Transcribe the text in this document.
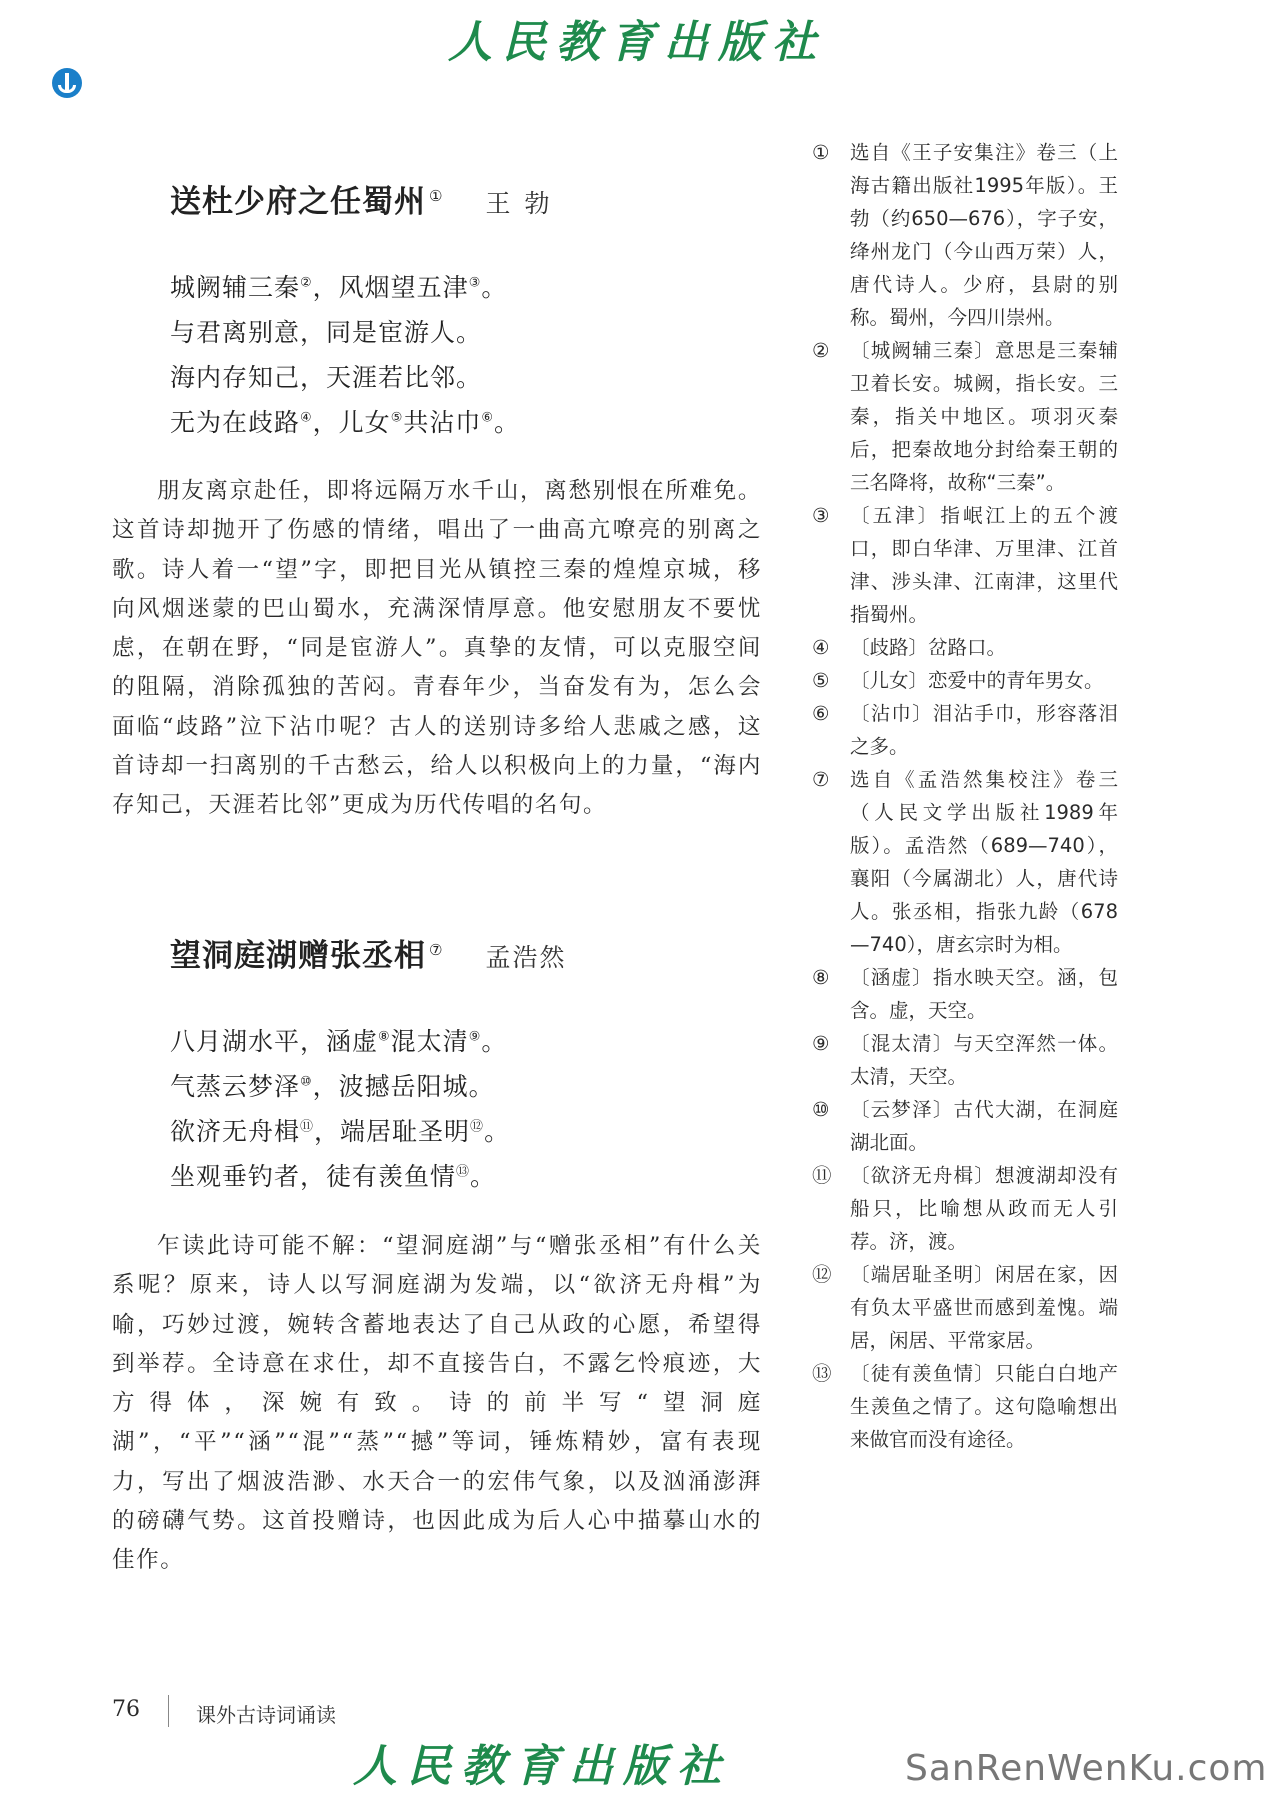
人民教育出版社
送杜少府之任蜀州 ① 王勃
城阙辅三秦②，风烟望五津③。
与君离别意，同是宦游人。
海内存知己，天涯若比邻。
无为在歧路④，儿女⑤共沾巾⑥。
朋友离京赴任，即将远隔万水千山，离愁别恨在所难免。这首诗却抛开了伤感的情绪，唱出了一曲高亢嘹亮的别离之歌。诗人着一“望”字，即把目光从镇控三秦的煌煌京城，移向风烟迷蒙的巴山蜀水，充满深情厚意。他安慰朋友不要忧虑，在朝在野，“同是宦游人”。真挚的友情，可以克服空间的阻隔，消除孤独的苦闷。青春年少，当奋发有为，怎么会面临“歧路”泣下沾巾呢？古人的送别诗多给人悲戚之感，这首诗却一扫离别的千古愁云，给人以积极向上的力量，“海内存知己，天涯若比邻”更成为历代传唱的名句。
望洞庭湖赠张丞相 ⑦ 孟浩然
八月湖水平，涵虚⑧混太清⑨。
气蒸云梦泽⑩，波撼岳阳城。
欲济无舟楫⑪，端居耻圣明⑫。
坐观垂钓者，徒有羡鱼情⑬。
乍读此诗可能不解：“望洞庭湖”与“赠张丞相”有什么关系呢？原来，诗人以写洞庭湖为发端，以“欲济无舟楫”为喻，巧妙过渡，婉转含蓄地表达了自己从政的心愿，希望得到举荐。全诗意在求仕，却不直接告白，不露乞怜痕迹，大方得体，深婉有致。诗的前半写“望洞庭湖”，“平”“涵”“混”“蒸”“撼”等词，锤炼精妙，富有表现力，写出了烟波浩渺、水天合一的宏伟气象，以及汹涌澎湃的磅礴气势。这首投赠诗，也因此成为后人心中描摹山水的佳作。
①	选自《王子安集注》卷三（上海古籍出版社1995年版）。王勃（约650—676），字子安，绛州龙门（今山西万荣）人，唐代诗人。少府，县尉的别称。蜀州，今四川崇州。
②	〔城阙辅三秦〕意思是三秦辅卫着长安。城阙，指长安。三秦，指关中地区。项羽灭秦后，把秦故地分封给秦王朝的三名降将，故称“三秦”。
③	〔五津〕指岷江上的五个渡口，即白华津、万里津、江首津、涉头津、江南津，这里代指蜀州。
④	〔歧路〕岔路口。
⑤	〔儿女〕恋爱中的青年男女。
⑥	〔沾巾〕泪沾手巾，形容落泪之多。
⑦	选自《孟浩然集校注》卷三（人民文学出版社1989年版）。孟浩然（689—740），襄阳（今属湖北）人，唐代诗人。张丞相，指张九龄（678—740），唐玄宗时为相。
⑧	〔涵虚〕指水映天空。涵，包含。虚，天空。
⑨	〔混太清〕与天空浑然一体。太清，天空。
⑩	〔云梦泽〕古代大湖，在洞庭湖北面。
⑪ 〔欲济无舟楫〕想渡湖却没有船只，比喻想从政而无人引荐。济，渡。
⑫ 〔端居耻圣明〕闲居在家，因有负太平盛世而感到羞愧。端居，闲居、平常家居。
⑬ 〔徒有羡鱼情〕只能白白地产生羡鱼之情了。这句隐喻想出来做官而没有途径。
76	课外古诗词诵读
人民教育出版社	SanRenWenKu.com
